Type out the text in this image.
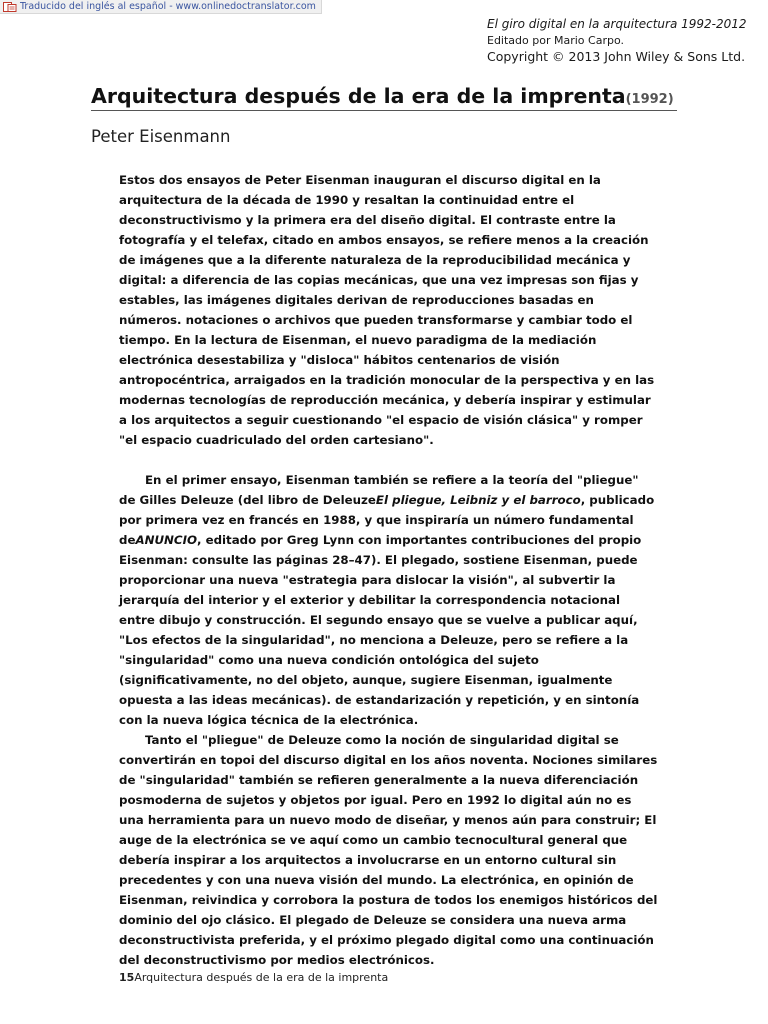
Traducido del inglés al español - www.onlinedoctranslator.com
El giro digital en la arquitectura 1992-2012
Editado por Mario Carpo.
Copyright © 2013 John Wiley & Sons Ltd.
Arquitectura después de la era de la imprenta(1992)
Peter Eisenmann

Estos dos ensayos de Peter Eisenman inauguran el discurso digital en la arquitectura de la década de 1990 y resaltan la continuidad entre el deconstructivismo y la primera era del diseño digital. El contraste entre la fotografía y el telefax, citado en ambos ensayos, se refiere menos a la creación de imágenes que a la diferente naturaleza de la reproducibilidad mecánica y digital: a diferencia de las copias mecánicas, que una vez impresas son fijas y estables, las imágenes digitales derivan de reproducciones basadas en números. notaciones o archivos que pueden transformarse y cambiar todo el tiempo. En la lectura de Eisenman, el nuevo paradigma de la mediación electrónica desestabiliza y "disloca" hábitos centenarios de visión antropocéntrica, arraigados en la tradición monocular de la perspectiva y en las modernas tecnologías de reproducción mecánica, y debería inspirar y estimular a los arquitectos a seguir cuestionando "el espacio de visión clásica" y romper "el espacio cuadriculado del orden cartesiano".

En el primer ensayo, Eisenman también se refiere a la teoría del "pliegue" de Gilles Deleuze (del libro de DeleuzeEl pliegue, Leibniz y el barroco, publicado por primera vez en francés en 1988, y que inspiraría un número fundamental deANUNCIO, editado por Greg Lynn con importantes contribuciones del propio Eisenman: consulte las páginas 28–47). El plegado, sostiene Eisenman, puede proporcionar una nueva "estrategia para dislocar la visión", al subvertir la jerarquía del interior y el exterior y debilitar la correspondencia notacional entre dibujo y construcción. El segundo ensayo que se vuelve a publicar aquí, "Los efectos de la singularidad", no menciona a Deleuze, pero se refiere a la "singularidad" como una nueva condición ontológica del sujeto (significativamente, no del objeto, aunque, sugiere Eisenman, igualmente opuesta a las ideas mecánicas). de estandarización y repetición, y en sintonía con la nueva lógica técnica de la electrónica.

Tanto el "pliegue" de Deleuze como la noción de singularidad digital se convertirán en topoi del discurso digital en los años noventa. Nociones similares de "singularidad" también se refieren generalmente a la nueva diferenciación posmoderna de sujetos y objetos por igual. Pero en 1992 lo digital aún no es una herramienta para un nuevo modo de diseñar, y menos aún para construir; El auge de la electrónica se ve aquí como un cambio tecnocultural general que debería inspirar a los arquitectos a involucrarse en un entorno cultural sin precedentes y con una nueva visión del mundo. La electrónica, en opinión de Eisenman, reivindica y corrobora la postura de todos los enemigos históricos del dominio del ojo clásico. El plegado de Deleuze se considera una nueva arma deconstructivista preferida, y el próximo plegado digital como una continuación del deconstructivismo por medios electrónicos.

15Arquitectura después de la era de la imprenta
